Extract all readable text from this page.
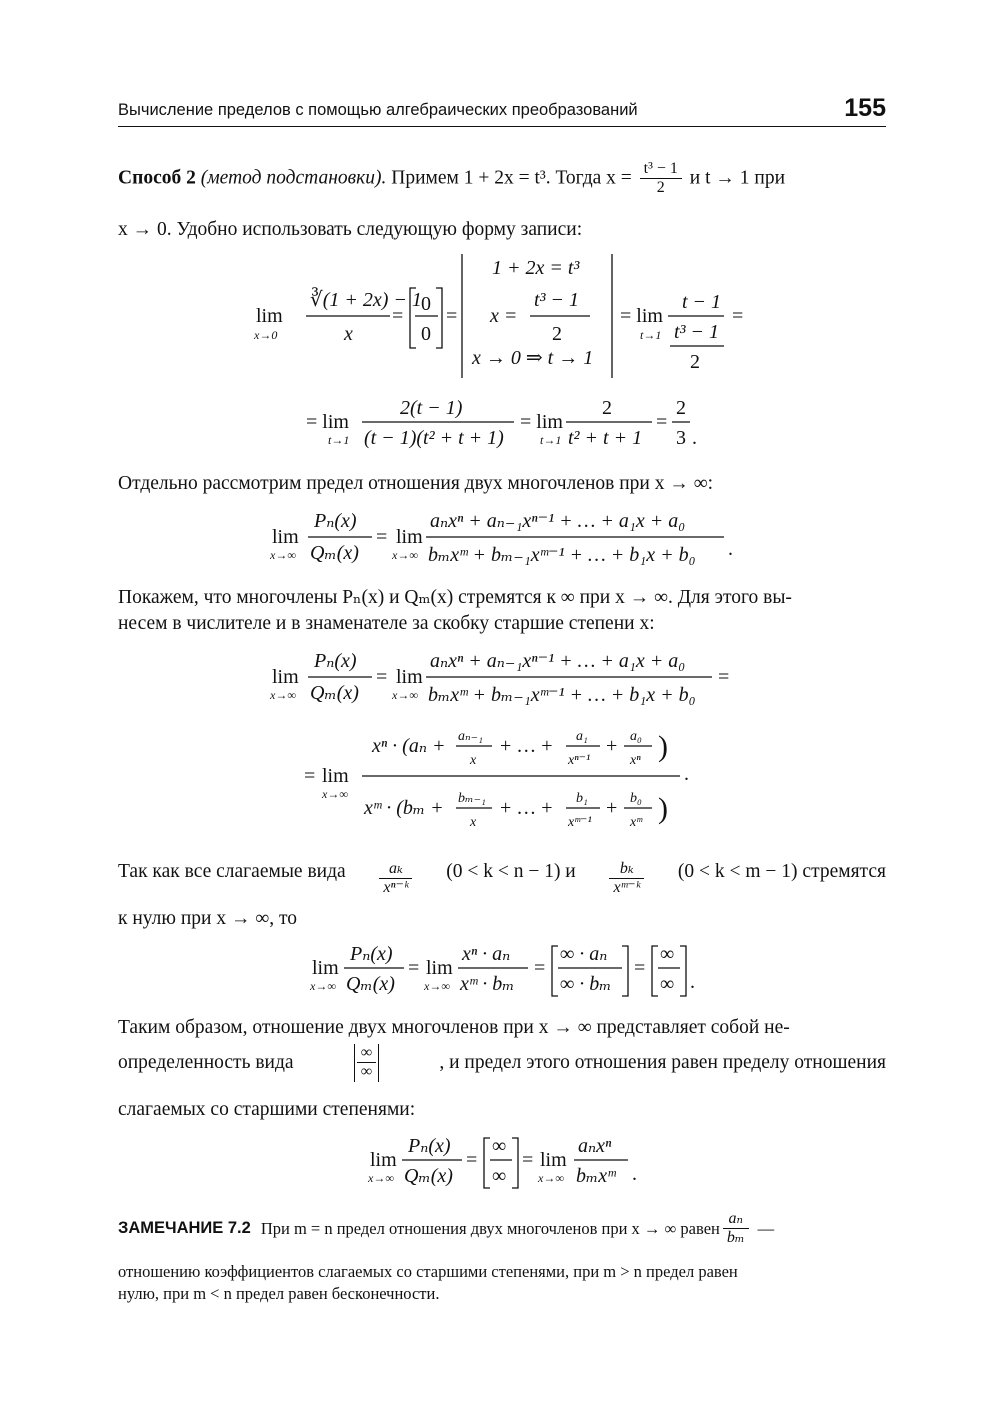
Вычисление пределов с помощью алгебраических преобразований	155
Способ 2 (метод подстановки). Примем 1 + 2x = t³. Тогда $x = \frac{\text{t³ − 1}}{2}$ и t → 1 при
x → 0. Удобно использовать следующую форму записи:
lim
x→0
∛(1 + 2x) − 1
x
=
0
0
=
1 + 2x = t³
x =
t³ − 1
2
x → 0 ⇒ t → 1
= lim
t→1
t − 1
t³ − 1
2
=
= lim
t→1
2(t − 1)
(t − 1)(t² + t + 1)
= lim
t→1
2
t² + t + 1
=
2
3 .
Отдельно рассмотрим предел отношения двух многочленов при x → ∞:
lim
x→∞
Pₙ(x)
Qₘ(x)
= lim
x→∞
aₙxⁿ + aₙ₋₁xⁿ⁻¹ + … + a₁x + a₀
bₘxᵐ + bₘ₋₁xᵐ⁻¹ + … + b₁x + b₀ .
Покажем, что многочлены Pₙ(x) и Qₘ(x) стремятся к ∞ при x → ∞. Для этого вы-
несем в числителе и в знаменателе за скобку старшие степени x:
lim
x→∞
Pₙ(x)
Qₘ(x)
= lim
x→∞
aₙxⁿ + aₙ₋₁xⁿ⁻¹ + … + a₁x + a₀
bₘxᵐ + bₘ₋₁xᵐ⁻¹ + … + b₁x + b₀
=
= lim
x→∞
xⁿ · (aₙ + aₙ₋₁
x
+ … + a₁
xⁿ⁻¹
+ a₀
xⁿ )
xᵐ · (bₘ + bₘ₋₁
x
+ … + b₁
xᵐ⁻¹
+ b₀
xᵐ )
.
Так как все слагаемые вида $\frac{\text{aₖ}}{\text{xⁿ⁻ᵏ}} (0 < k < n - 1)$ и $\frac{\text{bₖ}}{\text{xᵐ⁻ᵏ}} (0 < k < m - 1)$ стремятся
к нулю при x → ∞, то
lim
x→∞
Pₙ(x)
Qₘ(x)
= lim
x→∞
xⁿ · aₙ
xᵐ · bₘ
=
∞ · aₙ
∞ · bₘ
=
∞
∞ .
Таким образом, отношение двух многочленов при x → ∞ представляет собой не-
определенность вида	$\frac{\infty}{\infty}$	, и предел этого отношения равен пределу отношения
слагаемых со старшими степенями:
lim
x→∞
Pₙ(x)
Qₘ(x)
=
∞
∞
= lim
x→∞
aₙxⁿ
bₘxᵐ .
ЗАМЕЧАНИЕ 7.2 При m = n предел отношения двух многочленов при x → ∞ равен $\frac{\text{aₙ}}{\text{bₘ}}$ —
отношению коэффициентов слагаемых со старшими степенями, при m > n предел равен
нулю, при m < n предел равен бесконечности.
